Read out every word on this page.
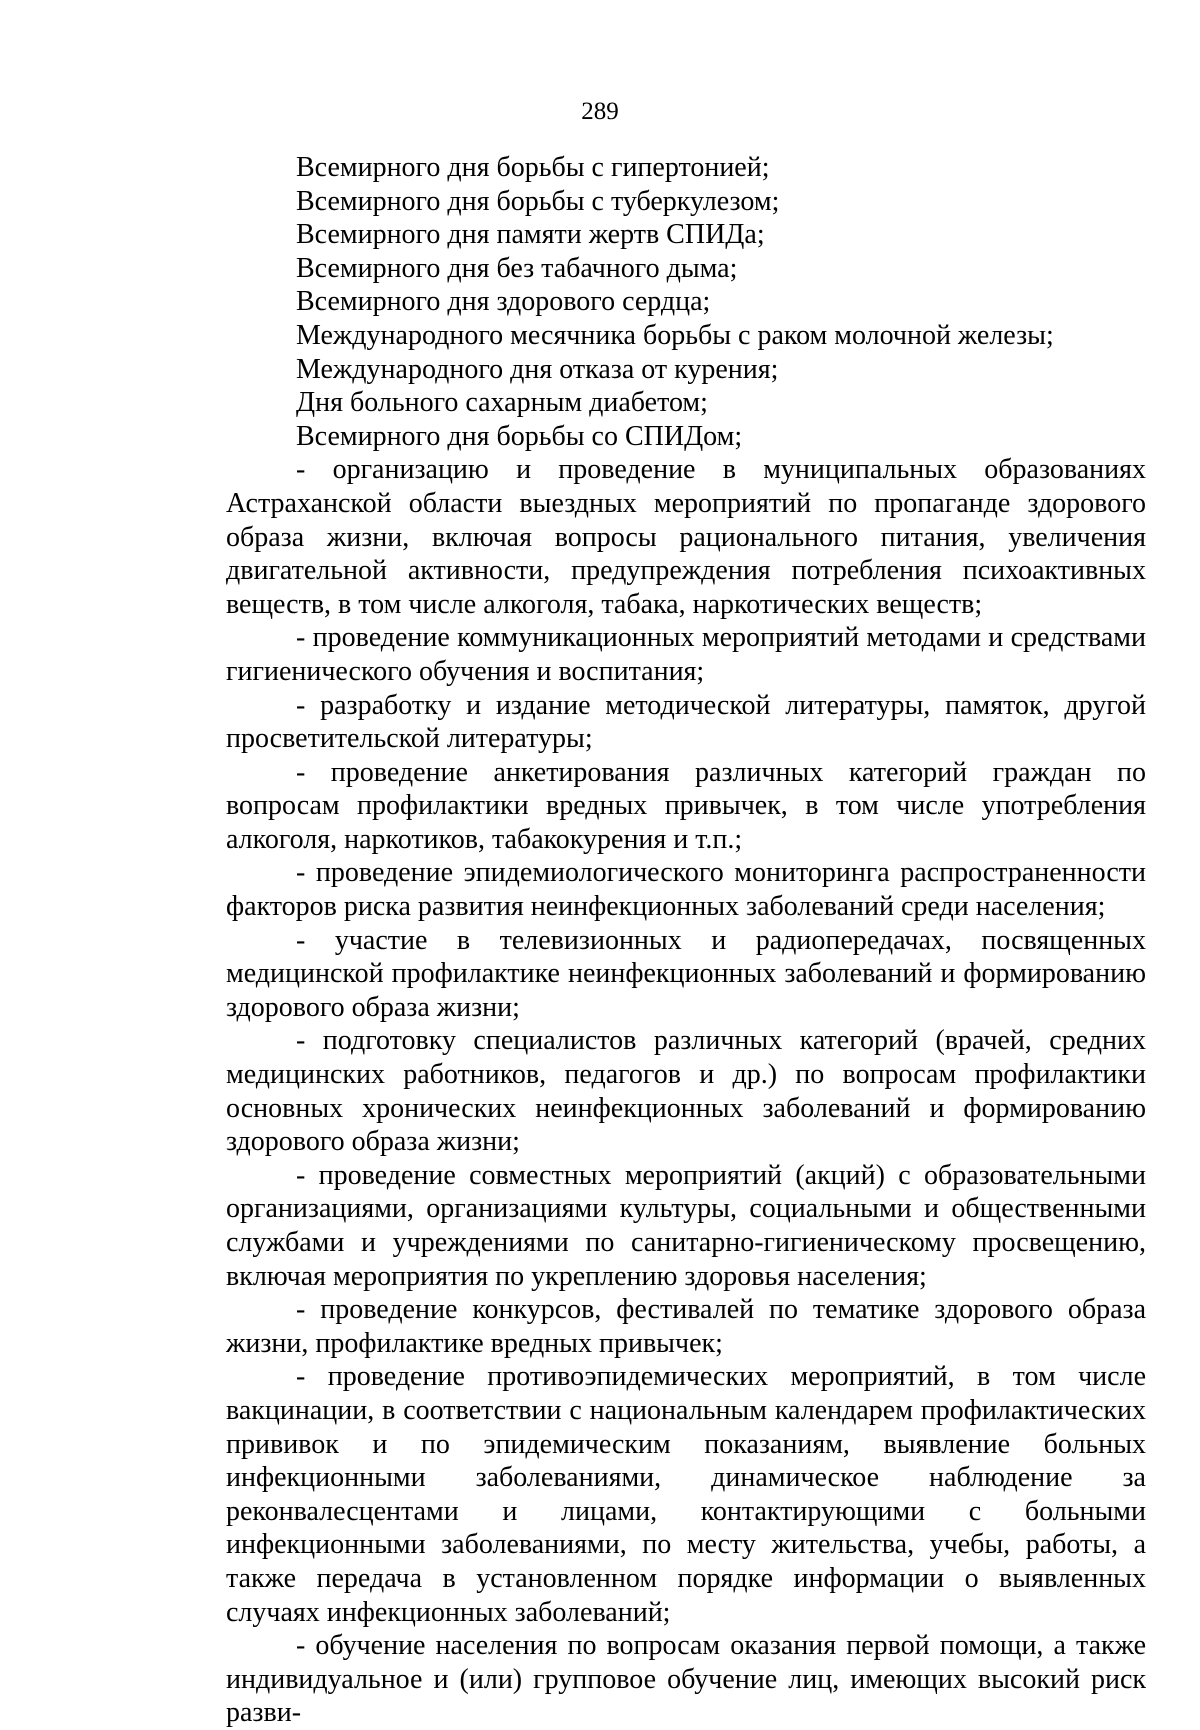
289
Всемирного дня борьбы с гипертонией;
Всемирного дня борьбы с туберкулезом;
Всемирного дня памяти жертв СПИДа;
Всемирного дня без табачного дыма;
Всемирного дня здорового сердца;
Международного месячника борьбы с раком молочной железы;
Международного дня отказа от курения;
Дня больного сахарным диабетом;
Всемирного дня борьбы со СПИДом;

- организацию и проведение в муниципальных образованиях Астраханской области выездных мероприятий по пропаганде здорового образа жизни, включая вопросы рационального питания, увеличения двигательной активности, предупреждения потребления психоактивных веществ, в том числе алкоголя, табака, наркотических веществ;

- проведение коммуникационных мероприятий методами и средствами гигиенического обучения и воспитания;

- разработку и издание методической литературы, памяток, другой просветительской литературы;

- проведение анкетирования различных категорий граждан по вопросам профилактики вредных привычек, в том числе употребления алкоголя, наркотиков, табакокурения и т.п.;

- проведение эпидемиологического мониторинга распространенности факторов риска развития неинфекционных заболеваний среди населения;

- участие в телевизионных и радиопередачах, посвященных медицинской профилактике неинфекционных заболеваний и формированию здорового образа жизни;

- подготовку специалистов различных категорий (врачей, средних медицинских работников, педагогов и др.) по вопросам профилактики основных хронических неинфекционных заболеваний и формированию здорового образа жизни;

- проведение совместных мероприятий (акций) с образовательными организациями, организациями культуры, социальными и общественными службами и учреждениями по санитарно-гигиеническому просвещению, включая мероприятия по укреплению здоровья населения;

- проведение конкурсов, фестивалей по тематике здорового образа жизни, профилактике вредных привычек;

- проведение противоэпидемических мероприятий, в том числе вакцинации, в соответствии с национальным календарем профилактических прививок и по эпидемическим показаниям, выявление больных инфекционными заболеваниями, динамическое наблюдение за реконвалесцентами и лицами, контактирующими с больными инфекционными заболеваниями, по месту жительства, учебы, работы, а также передача в установленном порядке информации о выявленных случаях инфекционных заболеваний;

- обучение населения по вопросам оказания первой помощи, а также индивидуальное и (или) групповое обучение лиц, имеющих высокий риск разви-
